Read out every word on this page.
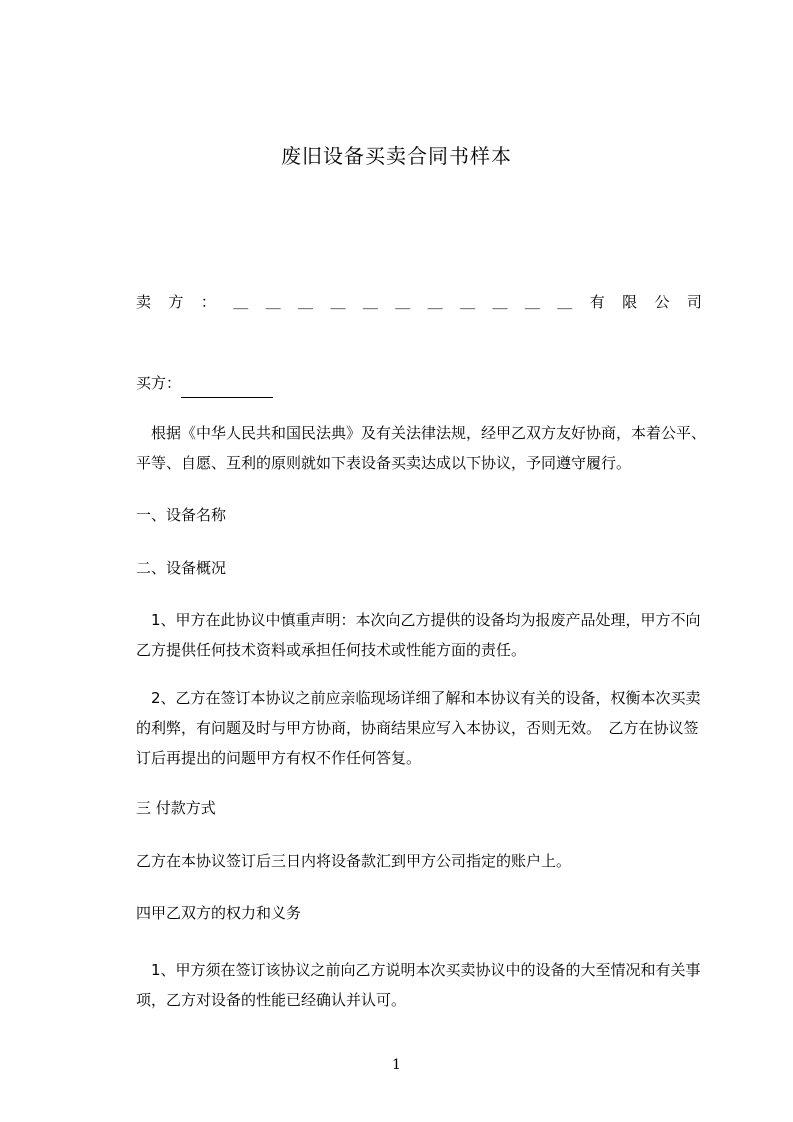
废旧设备买卖合同书样本
卖 方 ： ＿ ＿ ＿ ＿ ＿ ＿ ＿ ＿ ＿ ＿ ＿ 有 限 公 司

买方：

　根据《中华人民共和国民法典》及有关法律法规，经甲乙双方友好协商，本着公平、平等、自愿、互利的原则就如下表设备买卖达成以下协议，予同遵守履行。

一、设备名称

二、设备概况

　1、甲方在此协议中慎重声明：本次向乙方提供的设备均为报废产品处理，甲方不向乙方提供任何技术资料或承担任何技术或性能方面的责任。

　2、乙方在签订本协议之前应亲临现场详细了解和本协议有关的设备，权衡本次买卖的利弊，有问题及时与甲方协商，协商结果应写入本协议，否则无效。　乙方在协议签订后再提出的问题甲方有权不作任何答复。

三 付款方式

乙方在本协议签订后三日内将设备款汇到甲方公司指定的账户上。

四甲乙双方的权力和义务

　1、甲方须在签订该协议之前向乙方说明本次买卖协议中的设备的大至情况和有关事项，乙方对设备的性能已经确认并认可。

1
